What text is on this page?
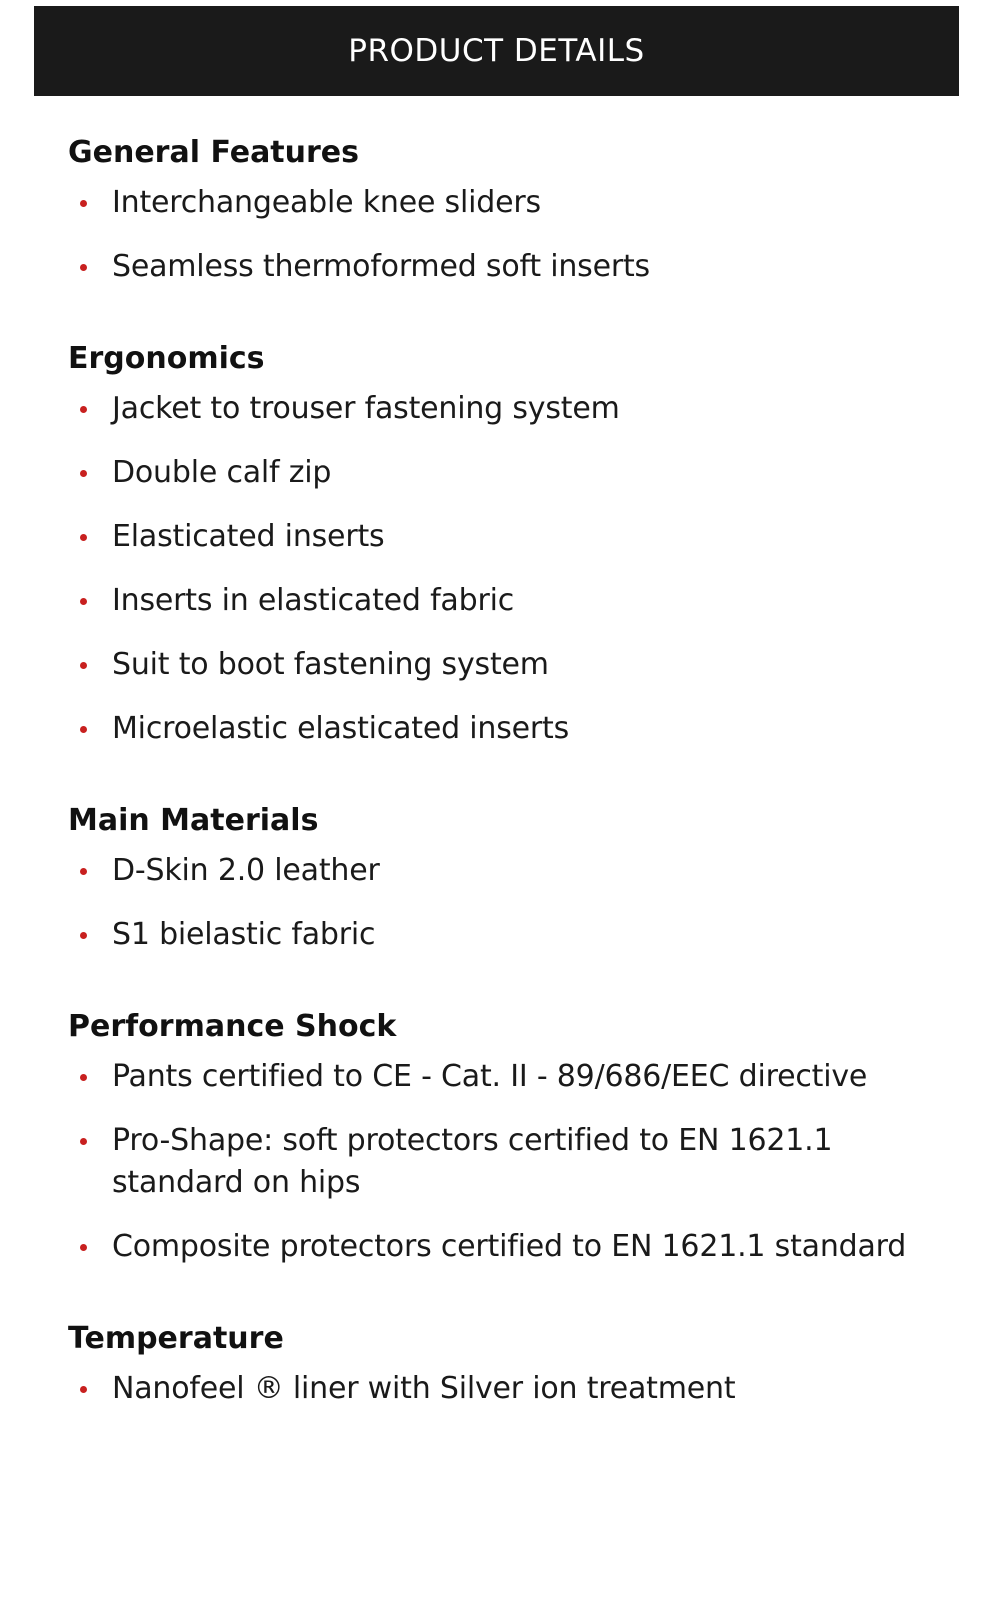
PRODUCT DETAILS
General Features
Interchangeable knee sliders
Seamless thermoformed soft inserts
Ergonomics
Jacket to trouser fastening system
Double calf zip
Elasticated inserts
Inserts in elasticated fabric
Suit to boot fastening system
Microelastic elasticated inserts
Main Materials
D-Skin 2.0 leather
S1 bielastic fabric
Performance Shock
Pants certified to CE - Cat. II - 89/686/EEC directive
Pro-Shape: soft protectors certified to EN 1621.1 standard on hips
Composite protectors certified to EN 1621.1 standard
Temperature
Nanofeel ® liner with Silver ion treatment
